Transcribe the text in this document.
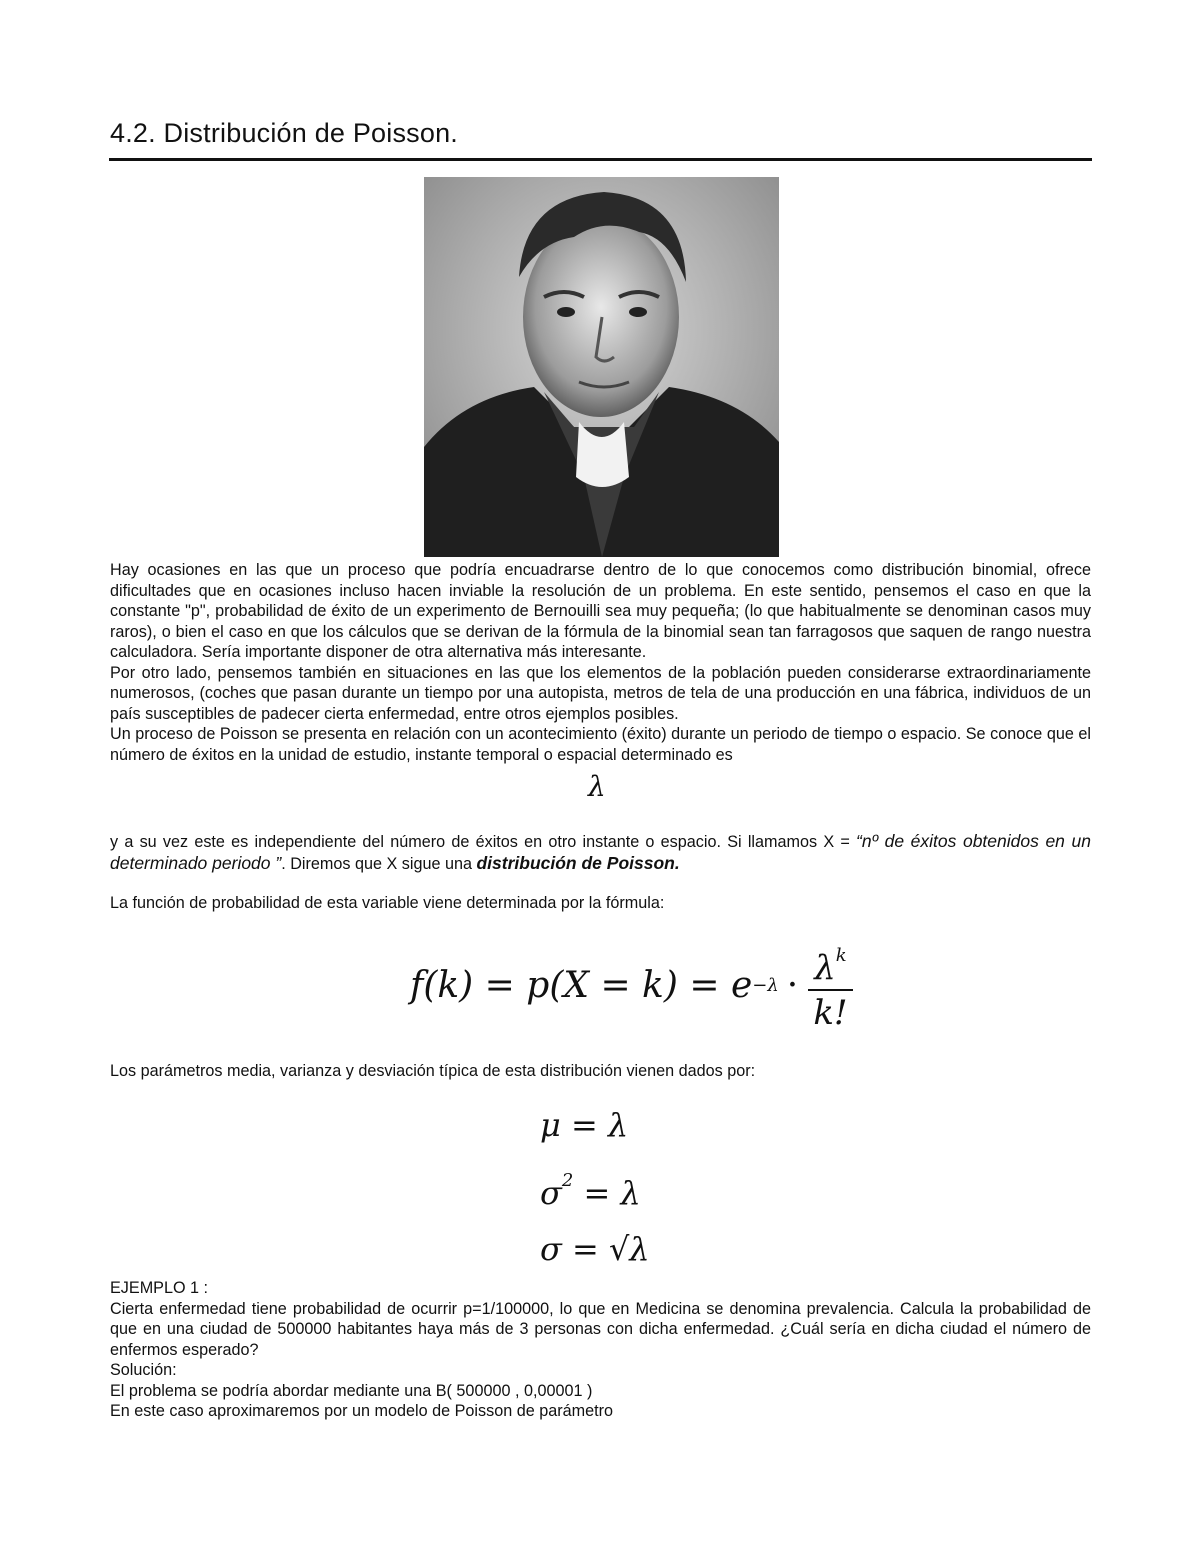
4.2. Distribución de Poisson.

Hay ocasiones en las que un proceso que podría encuadrarse dentro de lo que conocemos como distribución binomial, ofrece dificultades que en ocasiones incluso hacen inviable la resolución de un problema. En este sentido, pensemos el caso en que la constante "p", probabilidad de éxito de un experimento de Bernouilli sea muy pequeña; (lo que habitualmente se denominan casos muy raros), o bien el caso en que los cálculos que se derivan de la fórmula de la binomial sean tan farragosos que saquen de rango nuestra calculadora. Sería importante disponer de otra alternativa más interesante.

Por otro lado, pensemos también en situaciones en las que los elementos de la población pueden considerarse extraordinariamente numerosos, (coches que pasan durante un tiempo por una autopista, metros de tela de una producción en una fábrica, individuos de un país susceptibles de padecer cierta enfermedad, entre otros ejemplos posibles.

Un proceso de Poisson se presenta en relación con un acontecimiento (éxito) durante un periodo de tiempo o espacio. Se conoce que el número de éxitos en la unidad de estudio, instante temporal o espacial determinado es

λ
y a su vez este es independiente del número de éxitos en otro instante o espacio. Si llamamos X = “nº de éxitos obtenidos en un determinado periodo ”. Diremos que X sigue una distribución de Poisson.
La función de probabilidad de esta variable viene determinada por la fórmula:
$f(k) = p(X = k) = e -\lambda \cdot \frac{\lambda^k}{k!}$
Los parámetros media, varianza y desviación típica de esta distribución vienen dados por:
μ = λ
$\sigma^2 = \lambda$
σ = √λ

EJEMPLO 1 :

Cierta enfermedad tiene probabilidad de ocurrir p=1/100000, lo que en Medicina se denomina prevalencia. Calcula la probabilidad de que en una ciudad de 500000 habitantes haya más de 3 personas con dicha enfermedad. ¿Cuál sería en dicha ciudad el número de enfermos esperado?

Solución:

El problema se podría abordar mediante una B( 500000 , 0,00001 )

En este caso aproximaremos por un modelo de Poisson de parámetro
